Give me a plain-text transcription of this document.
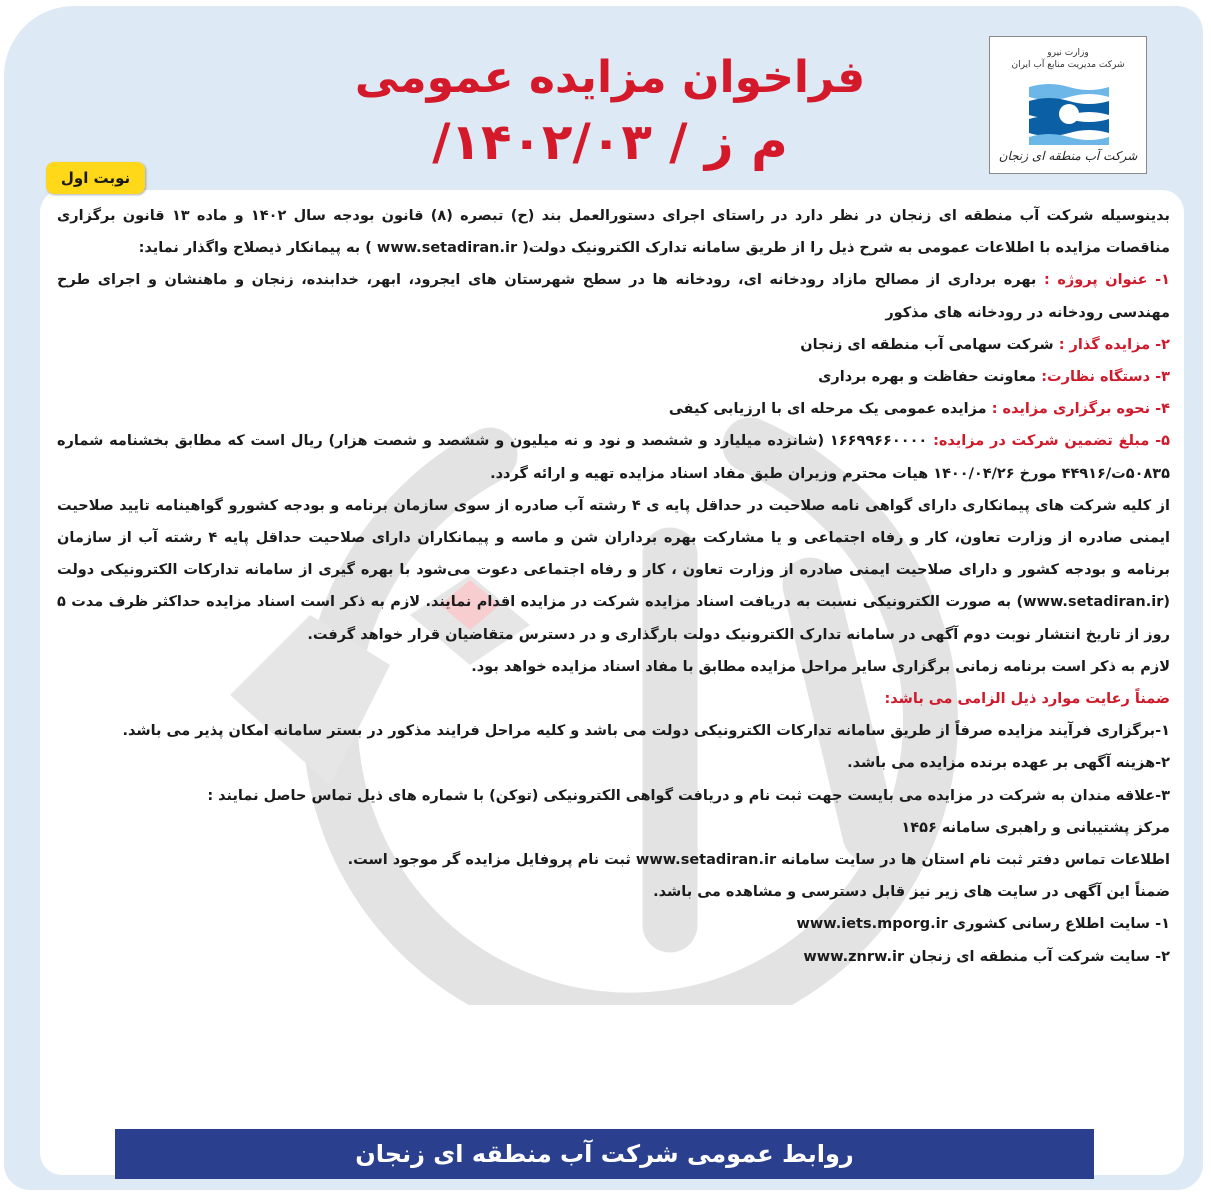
فراخوان مزایده عمومی
م ز / ۱۴۰۲/۰۳/
وزارت نیرو
شرکت مدیریت منابع آب ایران
شرکت آب منطقه ای زنجان
نوبت اول

بدینوسیله شرکت آب منطقه ای زنجان در نظر دارد در راستای اجرای دستورالعمل بند (ح) تبصره (۸) قانون بودجه سال ۱۴۰۲ و ماده ۱۳ قانون برگزاری مناقصات مزایده با اطلاعات عمومی به شرح ذیل را از طریق سامانه تدارک الکترونیک دولت( www.setadiran.ir ) به پیمانکار ذیصلاح واگذار نماید:

۱- عنوان پروژه : بهره برداری از مصالح مازاد رودخانه ای، رودخانه ها در سطح شهرستان های ایجرود، ابهر، خدابنده، زنجان و ماهنشان و اجرای طرح مهندسی رودخانه در رودخانه های مذکور

۲- مزایده گذار : شرکت سهامی آب منطقه ای زنجان

۳- دستگاه نظارت: معاونت حفاظت و بهره برداری

۴- نحوه برگزاری مزایده : مزایده عمومی یک مرحله ای با ارزیابی کیفی

۵- مبلغ تضمین شرکت در مزایده: ۱۶۶۹۹۶۶۰۰۰۰ (شانزده میلیارد و ششصد و نود و نه میلیون و ششصد و شصت هزار) ریال است که مطابق بخشنامه شماره ۵۰۸۳۵ت/۴۴۹۱۶ مورخ ۱۴۰۰/۰۴/۲۶ هیات محترم وزیران طبق مفاد اسناد مزایده تهیه و ارائه گردد.

از کلیه شرکت های پیمانکاری دارای گواهی نامه صلاحیت در حداقل پایه ی ۴ رشته آب صادره از سوی سازمان برنامه و بودجه کشورو گواهینامه تایید صلاحیت ایمنی صادره از وزارت تعاون، کار و رفاه اجتماعی و یا مشارکت بهره برداران شن و ماسه و پیمانکاران دارای صلاحیت حداقل پایه ۴ رشته آب از سازمان برنامه و بودجه کشور و دارای صلاحیت ایمنی صادره از وزارت تعاون ، کار و رفاه اجتماعی دعوت می‌شود با بهره گیری از سامانه تدارکات الکترونیکی دولت (www.setadiran.ir) به صورت الکترونیکی نسبت به دریافت اسناد مزایده شرکت در مزایده اقدام نمایند. لازم به ذکر است اسناد مزایده حداکثر ظرف مدت ۵ روز از تاریخ انتشار نوبت دوم آگهی در سامانه تدارک الکترونیک دولت بارگذاری و در دسترس متقاضیان قرار خواهد گرفت.

لازم به ذکر است برنامه زمانی برگزاری سایر مراحل مزایده مطابق با مفاد اسناد مزایده خواهد بود.

ضمناً رعایت موارد ذیل الزامی می باشد:

۱-برگزاری فرآیند مزایده صرفاً از طریق سامانه تدارکات الکترونیکی دولت می باشد و کلیه مراحل فرایند مذکور در بستر سامانه امکان پذیر می باشد.

۲-هزینه آگهی بر عهده برنده مزایده می باشد.

۳-علاقه مندان به شرکت در مزایده می بایست جهت ثبت نام و دریافت گواهی الکترونیکی (توکن) با شماره های ذیل تماس حاصل نمایند :

مرکز پشتیبانی و راهبری سامانه ۱۴۵۶

اطلاعات تماس دفتر ثبت نام استان ها در سایت سامانه www.setadiran.ir ثبت نام پروفایل مزایده گر موجود است.

ضمناً این آگهی در سایت های زیر نیز قابل دسترسی و مشاهده می باشد.

۱- سایت اطلاع رسانی کشوری www.iets.mporg.ir

۲- سایت شرکت آب منطقه ای زنجان www.znrw.ir

روابط عمومی شرکت آب منطقه ای زنجان
